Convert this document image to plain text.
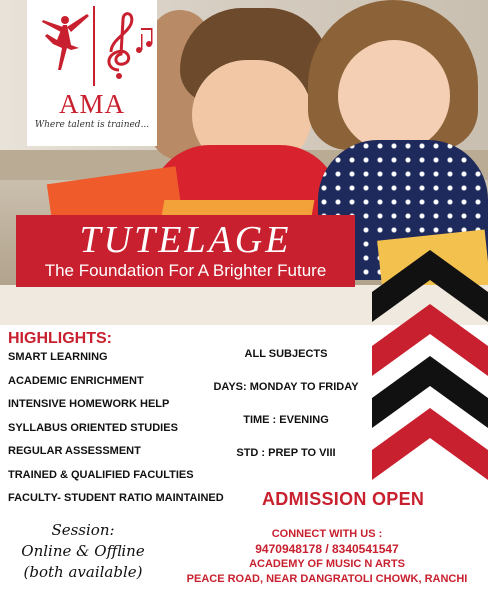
AMA
Where talent is trained...
TUTELAGE
The Foundation For A Brighter Future
HIGHLIGHTS:
SMART LEARNING
ACADEMIC ENRICHMENT
INTENSIVE HOMEWORK HELP
SYLLABUS ORIENTED STUDIES
REGULAR ASSESSMENT
TRAINED & QUALIFIED FACULTIES
FACULTY- STUDENT RATIO MAINTAINED
ALL SUBJECTS
DAYS: MONDAY TO FRIDAY
TIME : EVENING
STD : PREP TO VIII
ADMISSION OPEN
Session:
Online & Offline
(both available)
CONNECT WITH US :
9470948178 / 8340541547
ACADEMY OF MUSIC N ARTS
PEACE ROAD, NEAR DANGRATOLI CHOWK, RANCHI
